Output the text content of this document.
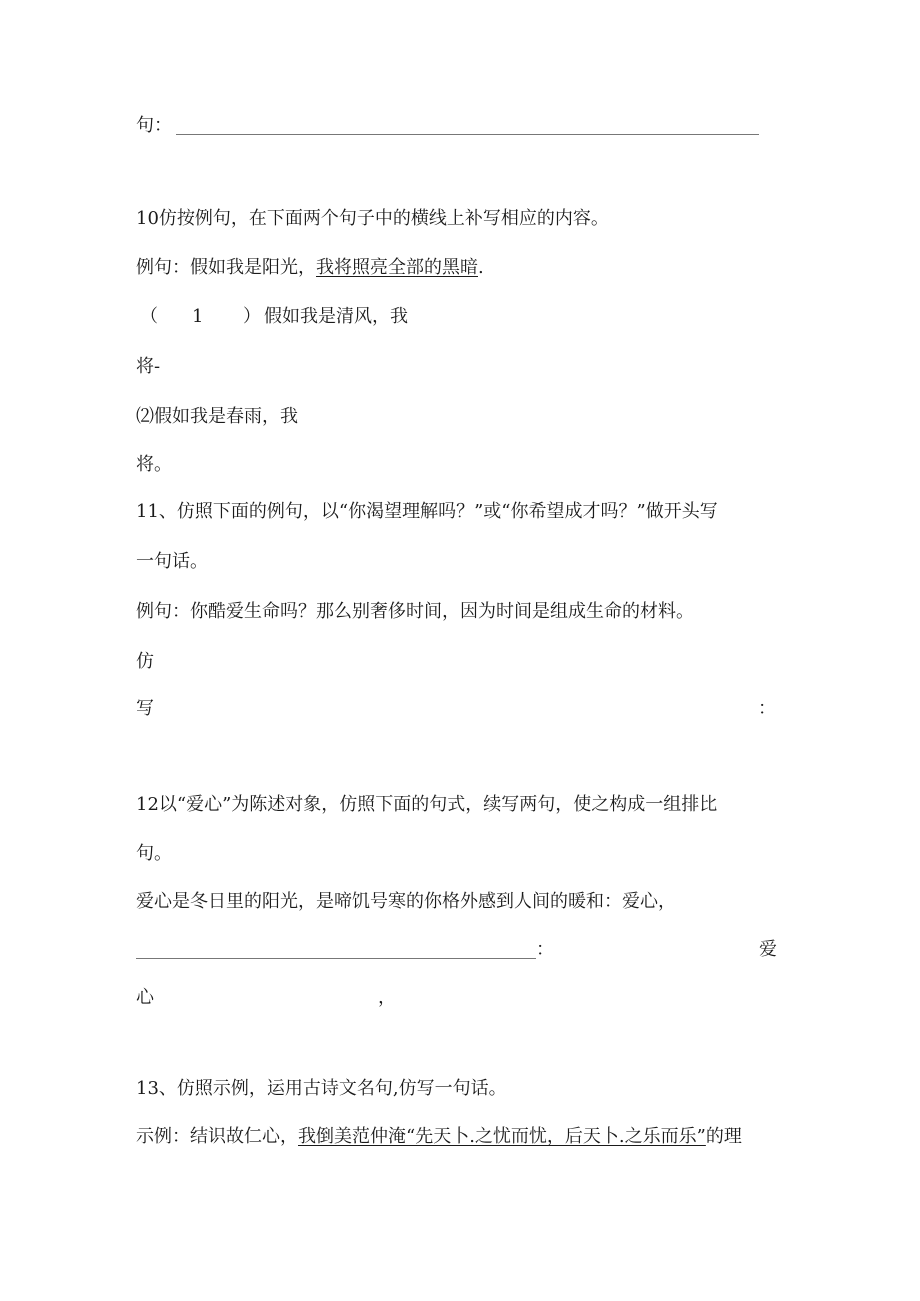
句：
10仿按例句，在下面两个句子中的横线上补写相应的内容。
例句：假如我是阳光，我将照亮全部的黑暗.
（ 1 ） 假如我是清风，我
将-
⑵假如我是春雨，我
将。
11、仿照下面的例句，以“你渴望理解吗？”或“你希望成才吗？”做开头写
一句话。
例句：你酷爱生命吗？那么别奢侈时间，因为时间是组成生命的材料。
仿
写	：
12以“爱心”为陈述对象，仿照下面的句式，续写两句，使之构成一组排比
句。
爱心是冬日里的阳光，是啼饥号寒的你格外感到人间的暖和：爱心，
：	爱
心	，
13、仿照示例，运用古诗文名句,仿写一句话。
示例：结识故仁心，我倒美范仲淹“先天卜.之忧而忧，后天卜.之乐而乐”的理
